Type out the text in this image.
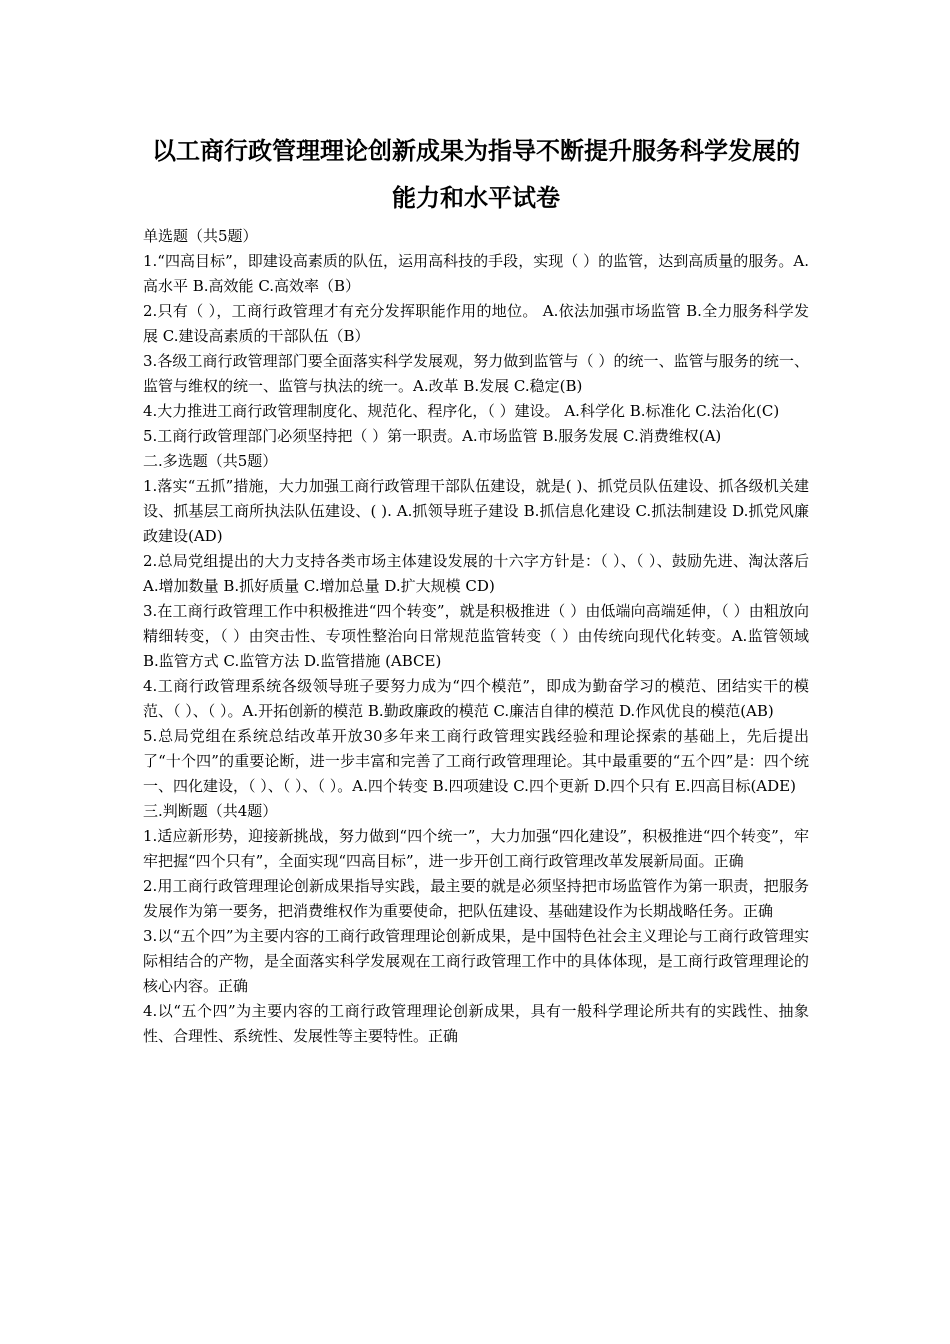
以工商行政管理理论创新成果为指导不断提升服务科学发展的能力和水平试卷

单选题（共5题）

1.“四高目标”，即建设高素质的队伍，运用高科技的手段，实现（ ）的监管，达到高质量的服务。A.高水平 B.高效能 C.高效率（B）

2.只有（ ），工商行政管理才有充分发挥职能作用的地位。 A.依法加强市场监管 B.全力服务科学发展 C.建设高素质的干部队伍（B）

3.各级工商行政管理部门要全面落实科学发展观，努力做到监管与（ ）的统一、监管与服务的统一、监管与维权的统一、监管与执法的统一。A.改革 B.发展 C.稳定(B)

4.大力推进工商行政管理制度化、规范化、程序化，（ ）建设。 A.科学化 B.标准化 C.法治化(C)

5.工商行政管理部门必须坚持把（ ）第一职责。A.市场监管 B.服务发展 C.消费维权(A)

二.多选题（共5题）

1.落实“五抓”措施，大力加强工商行政管理干部队伍建设，就是( )、抓党员队伍建设、抓各级机关建设、抓基层工商所执法队伍建设、( ). A.抓领导班子建设 B.抓信息化建设 C.抓法制建设 D.抓党风廉政建设(AD)

2.总局党组提出的大力支持各类市场主体建设发展的十六字方针是：（ ）、（ ）、鼓励先进、淘汰落后 A.增加数量 B.抓好质量 C.增加总量 D.扩大规模 CD)

3.在工商行政管理工作中积极推进“四个转变”，就是积极推进（ ）由低端向高端延伸，（ ）由粗放向精细转变，（ ）由突击性、专项性整治向日常规范监管转变（ ）由传统向现代化转变。A.监管领域 B.监管方式 C.监管方法 D.监管措施 (ABCE)

4.工商行政管理系统各级领导班子要努力成为“四个模范”，即成为勤奋学习的模范、团结实干的模范、（ ）、（ ）。A.开拓创新的模范 B.勤政廉政的模范 C.廉洁自律的模范 D.作风优良的模范(AB)

5.总局党组在系统总结改革开放30多年来工商行政管理实践经验和理论探索的基础上，先后提出了“十个四”的重要论断，进一步丰富和完善了工商行政管理理论。其中最重要的“五个四”是：四个统一、四化建设，（ ）、（ ）、（ ）。A.四个转变 B.四项建设 C.四个更新 D.四个只有 E.四高目标(ADE)

三.判断题（共4题）

1.适应新形势，迎接新挑战，努力做到“四个统一”，大力加强“四化建设”，积极推进“四个转变”，牢牢把握“四个只有”，全面实现“四高目标”，进一步开创工商行政管理改革发展新局面。正确

2.用工商行政管理理论创新成果指导实践，最主要的就是必须坚持把市场监管作为第一职责，把服务发展作为第一要务，把消费维权作为重要使命，把队伍建设、基础建设作为长期战略任务。正确

3.以“五个四”为主要内容的工商行政管理理论创新成果，是中国特色社会主义理论与工商行政管理实际相结合的产物，是全面落实科学发展观在工商行政管理工作中的具体体现，是工商行政管理理论的核心内容。正确

4.以“五个四”为主要内容的工商行政管理理论创新成果，具有一般科学理论所共有的实践性、抽象性、合理性、系统性、发展性等主要特性。正确
